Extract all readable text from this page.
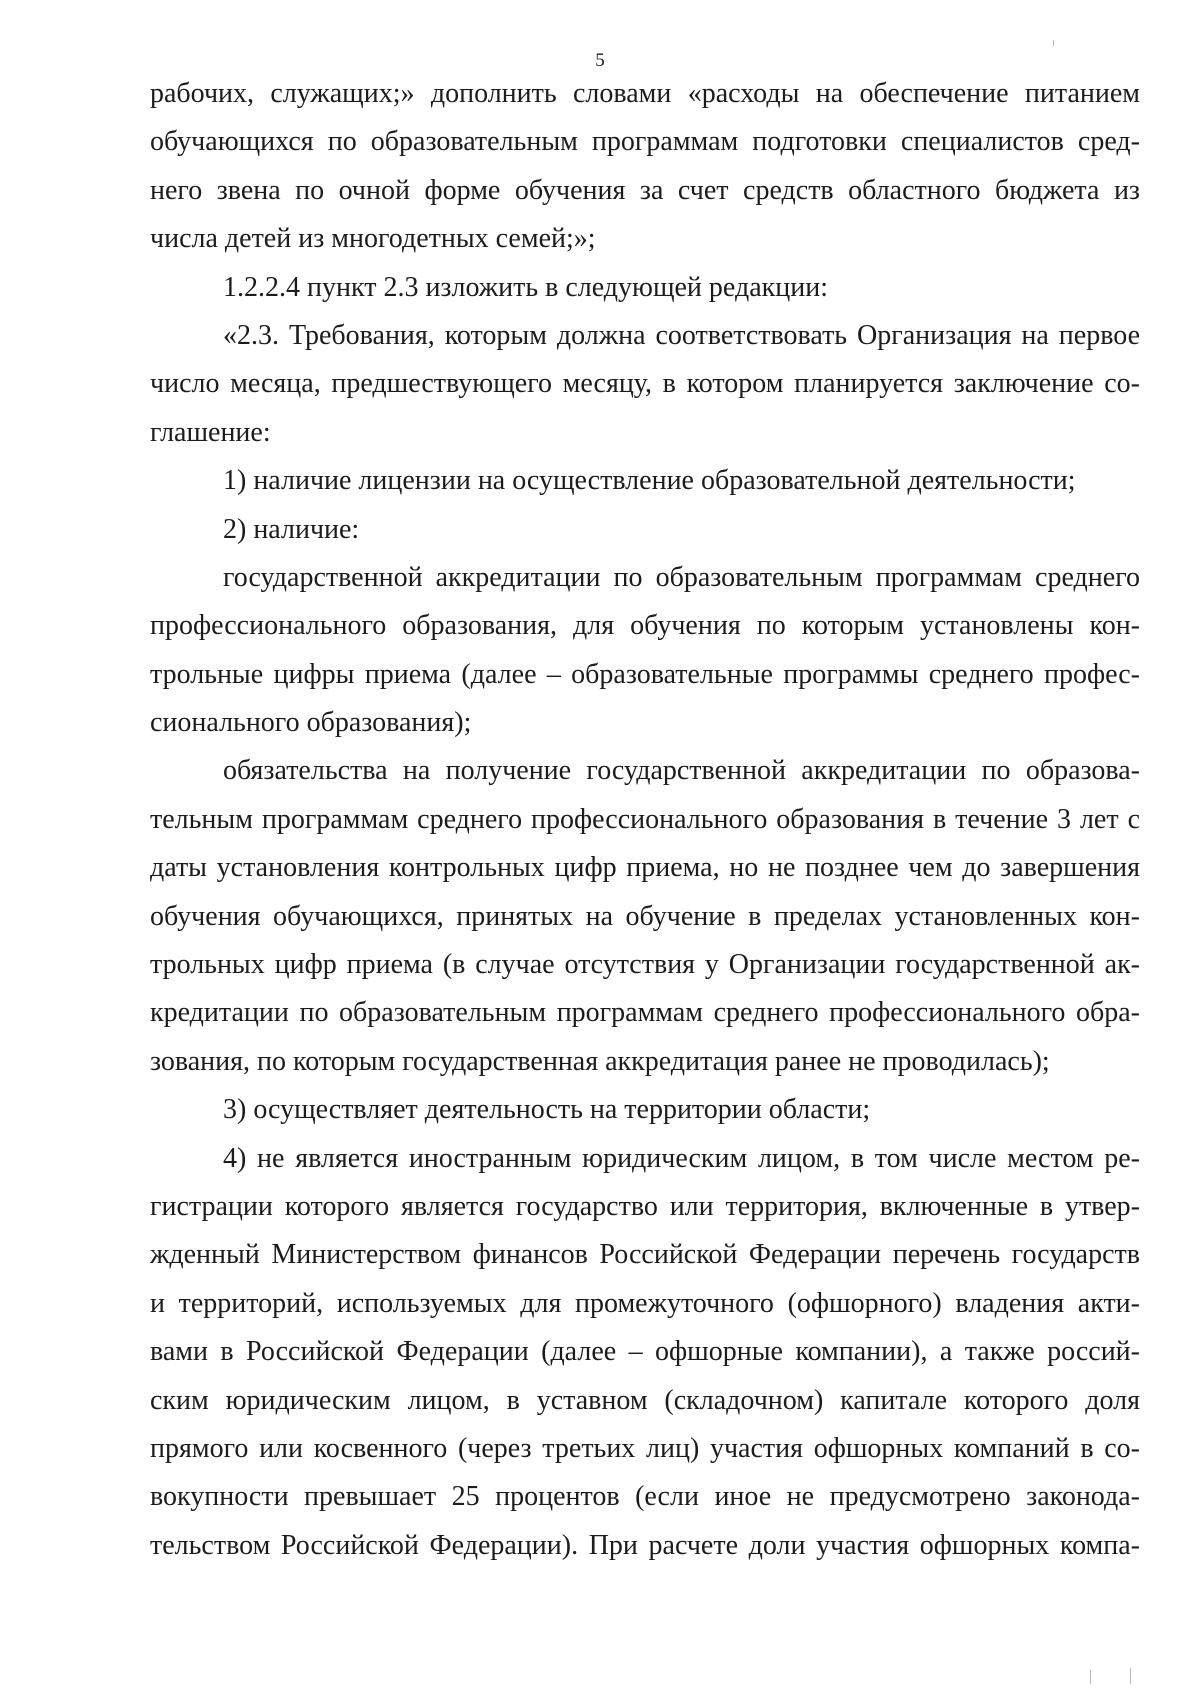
5
рабочих, служащих;» дополнить словами «расходы на обеспечение питанием
обучающихся по образовательным программам подготовки специалистов сред-
него звена по очной форме обучения за счет средств областного бюджета из
числа детей из многодетных семей;»;
1.2.2.4 пункт 2.3 изложить в следующей редакции:
«2.3. Требования, которым должна соответствовать Организация на первое
число месяца, предшествующего месяцу, в котором планируется заключение со-
глашение:
1) наличие лицензии на осуществление образовательной деятельности;
2) наличие:
государственной аккредитации по образовательным программам среднего
профессионального образования, для обучения по которым установлены кон-
трольные цифры приема (далее – образовательные программы среднего профес-
сионального образования);
обязательства на получение государственной аккредитации по образова-
тельным программам среднего профессионального образования в течение 3 лет с
даты установления контрольных цифр приема, но не позднее чем до завершения
обучения обучающихся, принятых на обучение в пределах установленных кон-
трольных цифр приема (в случае отсутствия у Организации государственной ак-
кредитации по образовательным программам среднего профессионального обра-
зования, по которым государственная аккредитация ранее не проводилась);
3) осуществляет деятельность на территории области;
4) не является иностранным юридическим лицом, в том числе местом ре-
гистрации которого является государство или территория, включенные в утвер-
жденный Министерством финансов Российской Федерации перечень государств
и территорий, используемых для промежуточного (офшорного) владения акти-
вами в Российской Федерации (далее – офшорные компании), а также россий-
ским юридическим лицом, в уставном (складочном) капитале которого доля
прямого или косвенного (через третьих лиц) участия офшорных компаний в со-
вокупности превышает 25 процентов (если иное не предусмотрено законода-
тельством Российской Федерации). При расчете доли участия офшорных компа-
